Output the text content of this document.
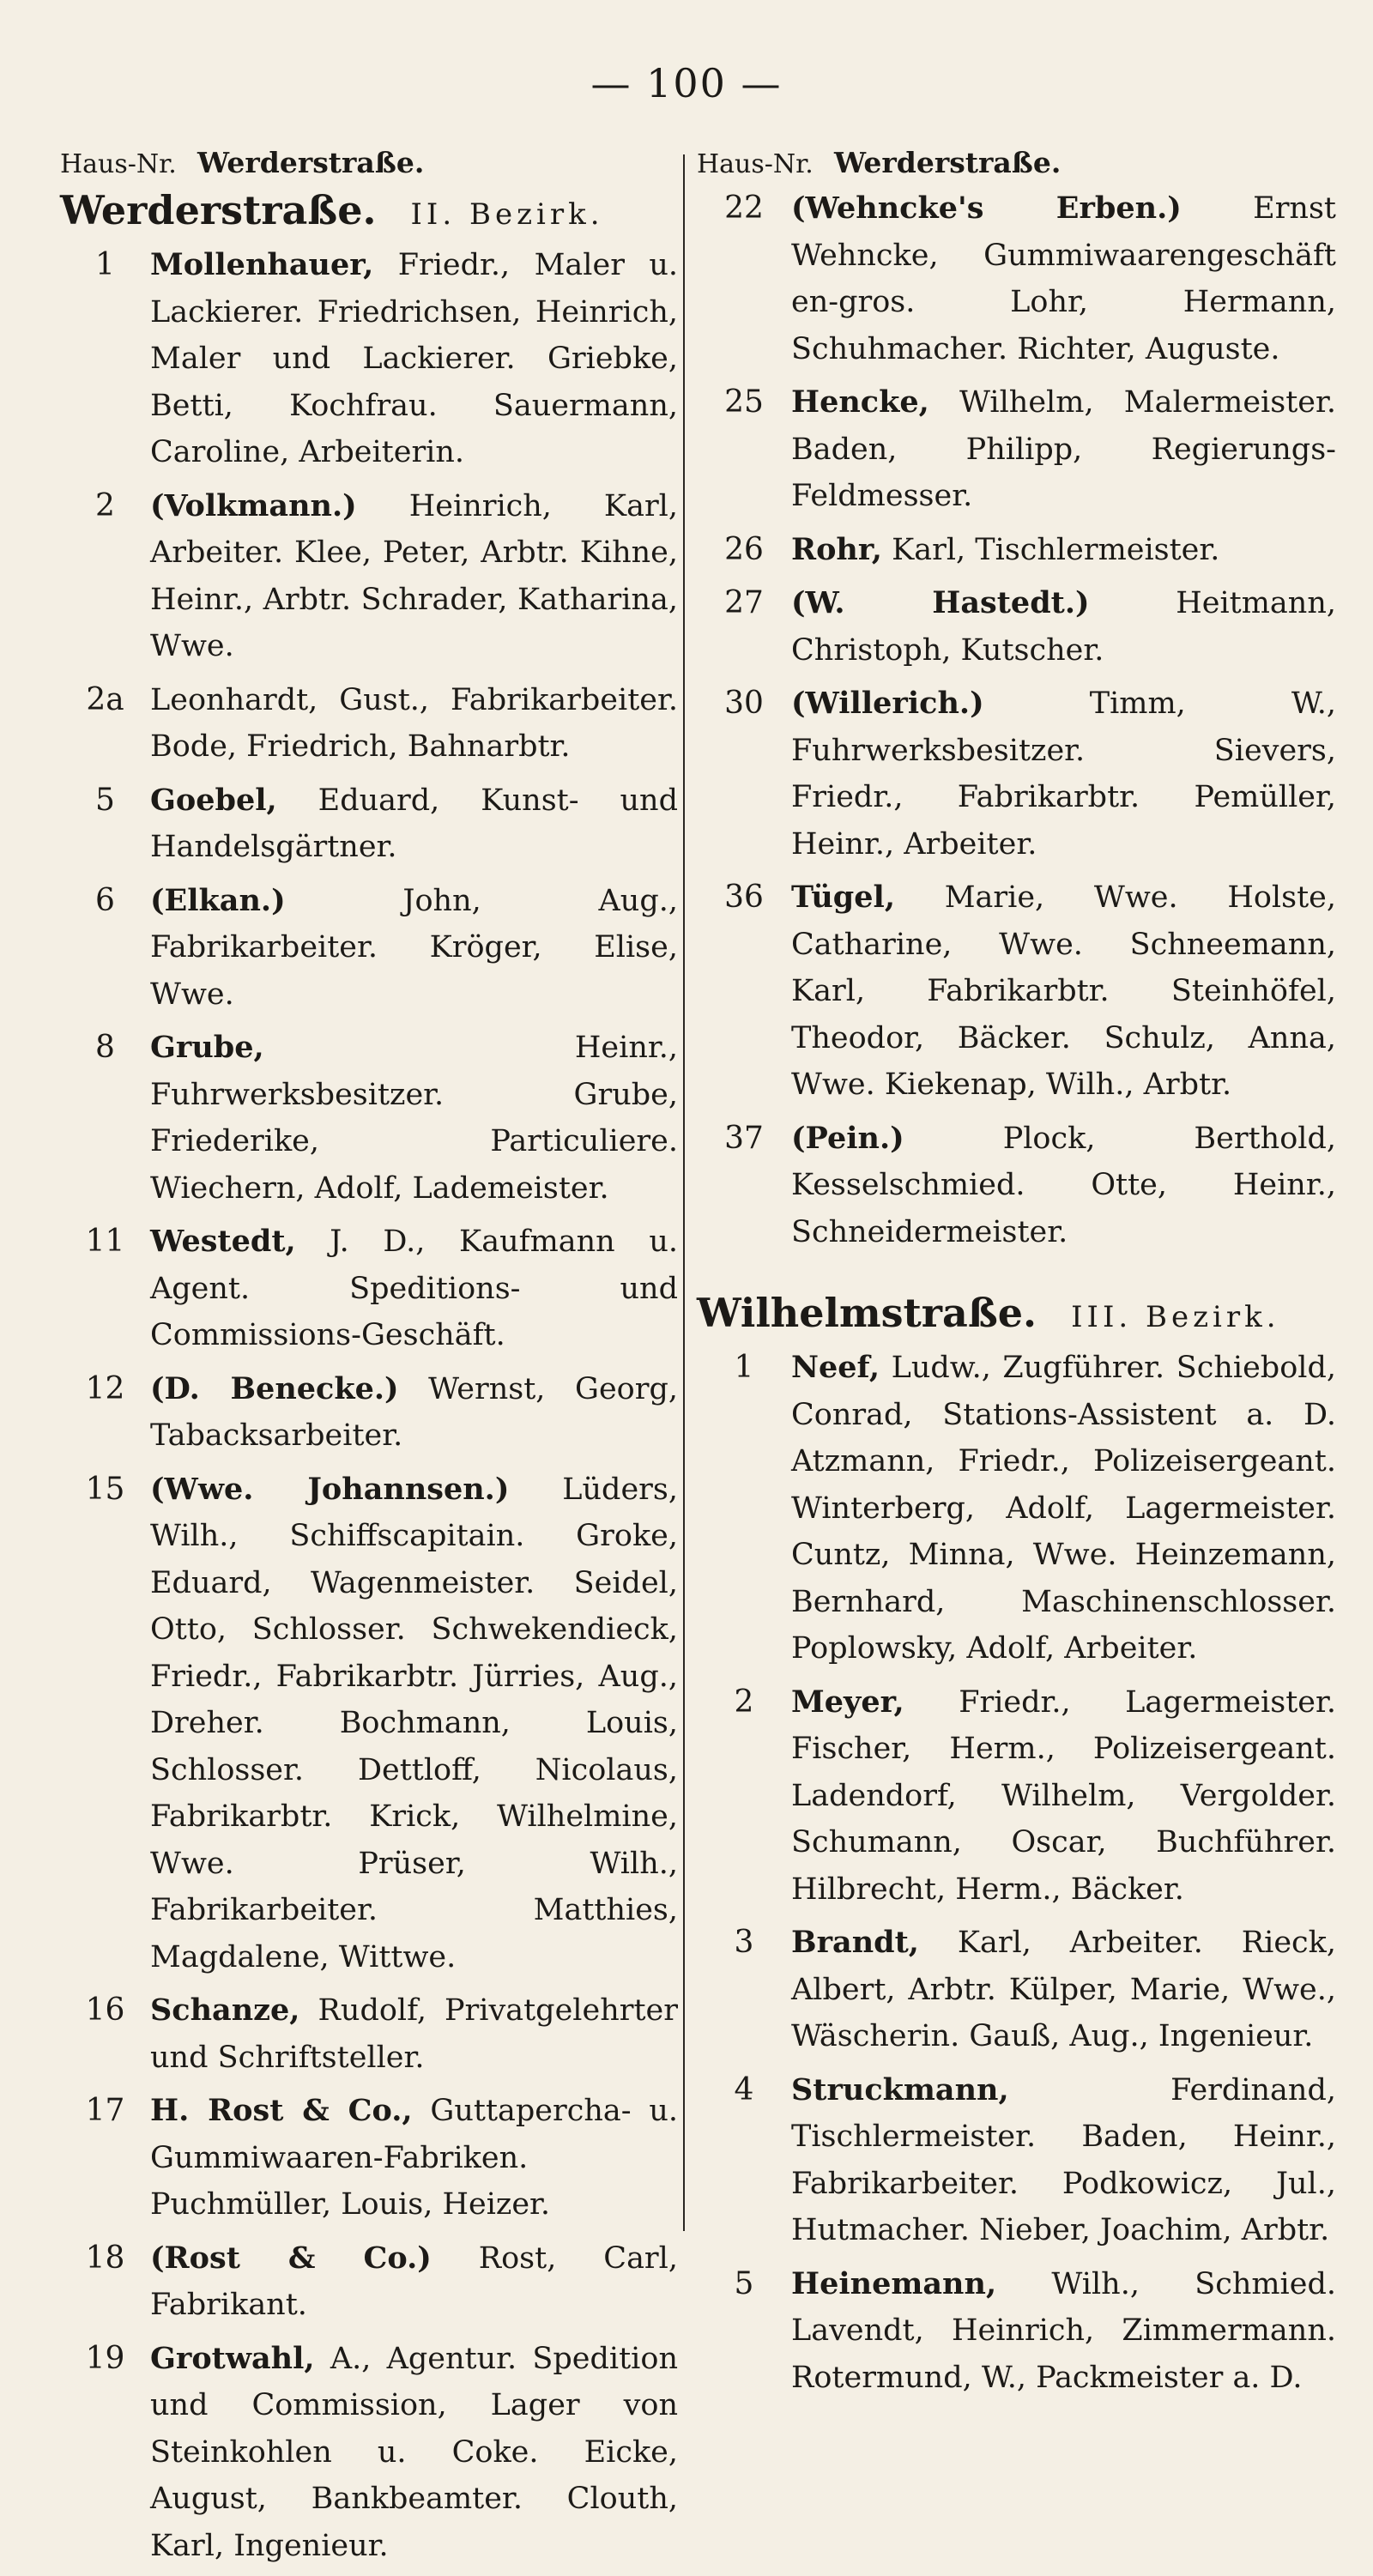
— 100 —
Haus-Nr. Werderstraße.
Werderstraße. II. Bezirk.
1	Mollenhauer, Friedr., Maler u. Lackierer. Friedrichsen, Heinrich, Maler und Lackierer. Griebke, Betti, Kochfrau. Sauermann, Caroline, Arbeiterin.
2	(Volkmann.) Heinrich, Karl, Arbeiter. Klee, Peter, Arbtr. Kihne, Heinr., Arbtr. Schrader, Katharina, Wwe.
2a Leonhardt, Gust., Fabrikarbeiter. Bode, Friedrich, Bahnarbtr.
5	Goebel, Eduard, Kunst- und Handelsgärtner.
6	(Elkan.) John, Aug., Fabrikarbeiter. Kröger, Elise, Wwe.
8	Grube, Heinr., Fuhrwerksbesitzer. Grube, Friederike, Particuliere. Wiechern, Adolf, Lademeister.
11 Westedt, J. D., Kaufmann u. Agent. Speditions- und Commissions-Geschäft.
12 (D. Benecke.) Wernst, Georg, Tabacksarbeiter.
15 (Wwe. Johannsen.) Lüders, Wilh., Schiffscapitain. Groke, Eduard, Wagenmeister. Seidel, Otto, Schlosser. Schwekendieck, Friedr., Fabrikarbtr. Jürries, Aug., Dreher. Bochmann, Louis, Schlosser. Dettloff, Nicolaus, Fabrikarbtr. Krick, Wilhelmine, Wwe. Prüser, Wilh., Fabrikarbeiter. Matthies, Magdalene, Wittwe.
16 Schanze, Rudolf, Privatgelehrter und Schriftsteller.
17 H. Rost & Co., Guttapercha- u. Gummiwaaren-Fabriken. Puchmüller, Louis, Heizer.
18 (Rost & Co.) Rost, Carl, Fabrikant.
19 Grotwahl, A., Agentur. Spedition und Commission, Lager von Steinkohlen u. Coke. Eicke, August, Bankbeamter. Clouth, Karl, Ingenieur.
Haus-Nr. Werderstraße.
22 (Wehncke's Erben.) Ernst Wehncke, Gummiwaarengeschäft en-gros. Lohr, Hermann, Schuhmacher. Richter, Auguste.
25 Hencke, Wilhelm, Malermeister. Baden, Philipp, Regierungs-Feldmesser.
26 Rohr, Karl, Tischlermeister.
27 (W. Hastedt.) Heitmann, Christoph, Kutscher.
30 (Willerich.) Timm, W., Fuhrwerksbesitzer. Sievers, Friedr., Fabrikarbtr. Pemüller, Heinr., Arbeiter.
36 Tügel, Marie, Wwe. Holste, Catharine, Wwe. Schneemann, Karl, Fabrikarbtr. Steinhöfel, Theodor, Bäcker. Schulz, Anna, Wwe. Kiekenap, Wilh., Arbtr.
37 (Pein.) Plock, Berthold, Kesselschmied. Otte, Heinr., Schneidermeister.
Wilhelmstraße. III. Bezirk.
1	Neef, Ludw., Zugführer. Schiebold, Conrad, Stations-Assistent a. D. Atzmann, Friedr., Polizeisergeant. Winterberg, Adolf, Lagermeister. Cuntz, Minna, Wwe. Heinzemann, Bernhard, Maschinenschlosser. Poplowsky, Adolf, Arbeiter.
2	Meyer, Friedr., Lagermeister. Fischer, Herm., Polizeisergeant. Ladendorf, Wilhelm, Vergolder. Schumann, Oscar, Buchführer. Hilbrecht, Herm., Bäcker.
3	Brandt, Karl, Arbeiter. Rieck, Albert, Arbtr. Külper, Marie, Wwe., Wäscherin. Gauß, Aug., Ingenieur.
4	Struckmann, Ferdinand, Tischlermeister. Baden, Heinr., Fabrikarbeiter. Podkowicz, Jul., Hutmacher. Nieber, Joachim, Arbtr.
5	Heinemann, Wilh., Schmied. Lavendt, Heinrich, Zimmermann. Rotermund, W., Packmeister a. D.
